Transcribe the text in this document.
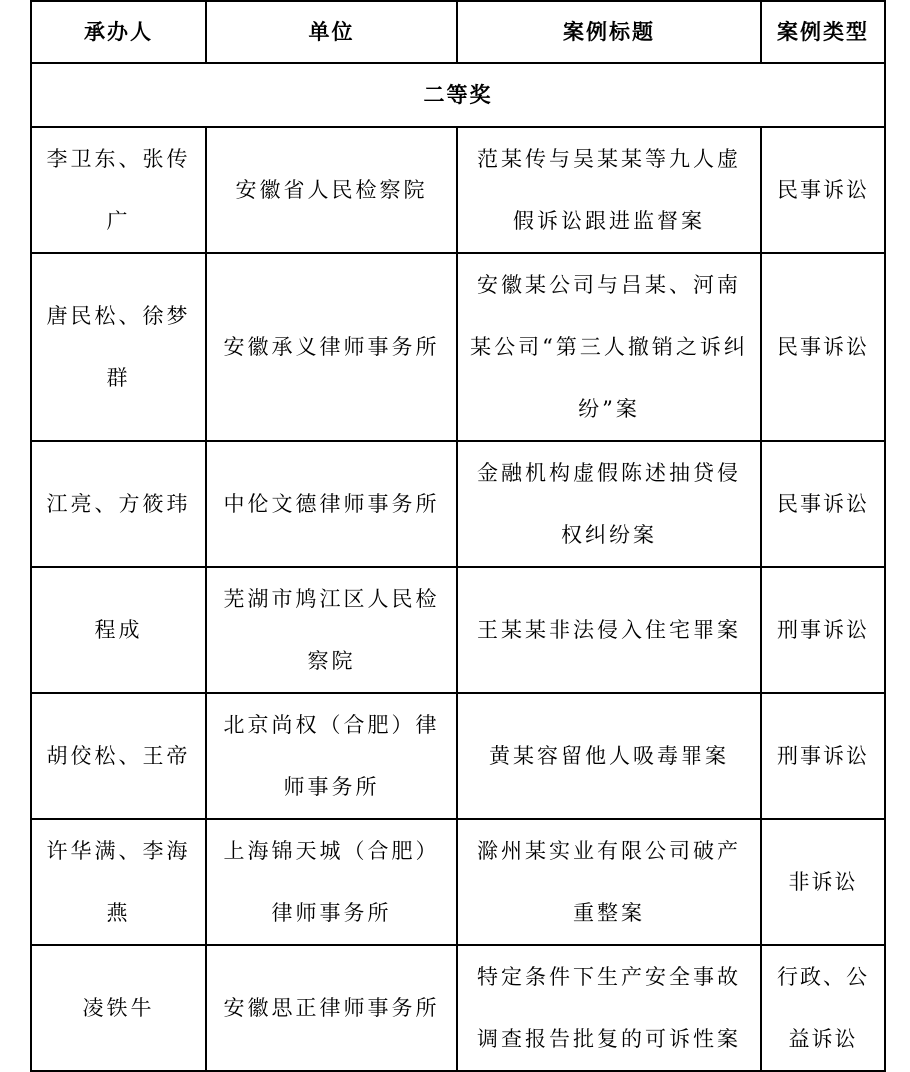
承办人	单位	案例标题	案例类型
二等奖			
李卫东、张传广	安徽省人民检察院	范某传与吴某某等九人虚假诉讼跟进监督案	民事诉讼
唐民松、徐梦群	安徽承义律师事务所	安徽某公司与吕某、河南某公司“第三人撤销之诉纠纷”案	民事诉讼
江亮、方筱玮	中伦文德律师事务所	金融机构虚假陈述抽贷侵权纠纷案	民事诉讼
程成	芜湖市鸠江区人民检察院	王某某非法侵入住宅罪案	刑事诉讼
胡佼松、王帝	北京尚权（合肥）律师事务所	黄某容留他人吸毒罪案	刑事诉讼
许华满、李海燕	上海锦天城（合肥）律师事务所	滁州某实业有限公司破产重整案	非诉讼
凌铁牛	安徽思正律师事务所	特定条件下生产安全事故调查报告批复的可诉性案	行政、公益诉讼
